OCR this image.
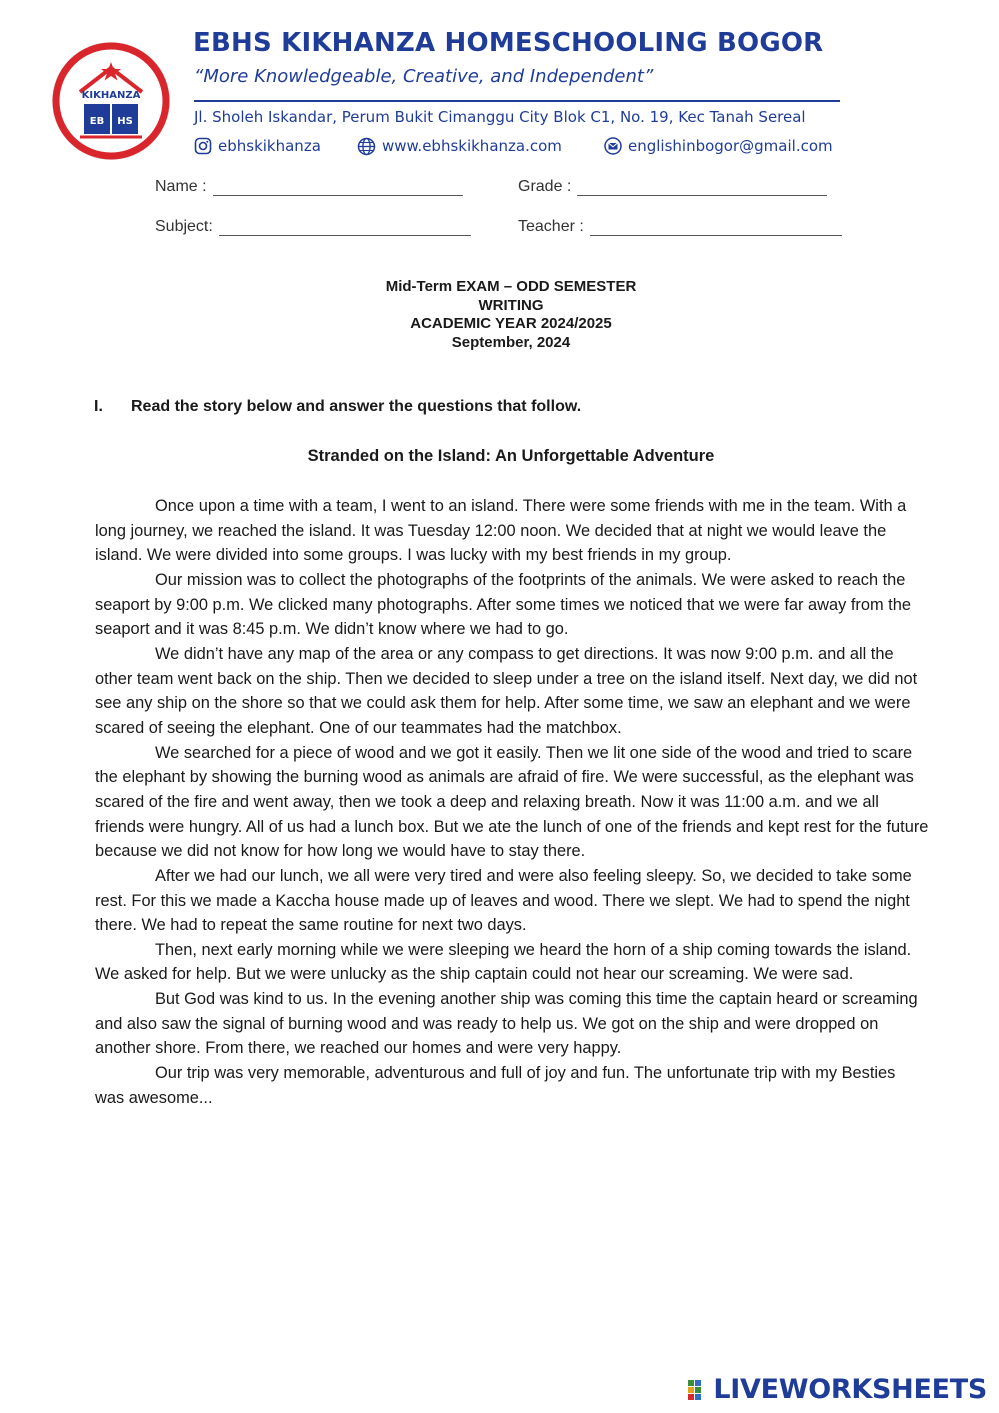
KIKHANZA
EB HS
EBHS KIKHANZA HOMESCHOOLING BOGOR
“More Knowledgeable, Creative, and Independent”
Jl. Sholeh Iskandar, Perum Bukit Cimanggu City Blok C1, No. 19, Kec Tanah Sereal
ebhskikhanza	www.ebhskikhanza.com	englishinbogor@gmail.com
Name :	Grade :
Subject:	Teacher :
Mid-Term EXAM – ODD SEMESTER
WRITING
ACADEMIC YEAR 2024/2025
September, 2024
I. Read the story below and answer the questions that follow.
Stranded on the Island: An Unforgettable Adventure

Once upon a time with a team, I went to an island. There were some friends with me in the team. With a long journey, we reached the island. It was Tuesday 12:00 noon. We decided that at night we would leave the island. We were divided into some groups. I was lucky with my best friends in my group.

Our mission was to collect the photographs of the footprints of the animals. We were asked to reach the seaport by 9:00 p.m. We clicked many photographs. After some times we noticed that we were far away from the seaport and it was 8:45 p.m. We didn’t know where we had to go.

We didn’t have any map of the area or any compass to get directions. It was now 9:00 p.m. and all the other team went back on the ship. Then we decided to sleep under a tree on the island itself. Next day, we did not see any ship on the shore so that we could ask them for help. After some time, we saw an elephant and we were scared of seeing the elephant. One of our teammates had the matchbox.

We searched for a piece of wood and we got it easily. Then we lit one side of the wood and tried to scare the elephant by showing the burning wood as animals are afraid of fire. We were successful, as the elephant was scared of the fire and went away, then we took a deep and relaxing breath. Now it was 11:00 a.m. and we all friends were hungry. All of us had a lunch box. But we ate the lunch of one of the friends and kept rest for the future because we did not know for how long we would have to stay there.

After we had our lunch, we all were very tired and were also feeling sleepy. So, we decided to take some rest. For this we made a Kaccha house made up of leaves and wood. There we slept. We had to spend the night there. We had to repeat the same routine for next two days.

Then, next early morning while we were sleeping we heard the horn of a ship coming towards the island. We asked for help. But we were unlucky as the ship captain could not hear our screaming. We were sad.

But God was kind to us. In the evening another ship was coming this time the captain heard or screaming and also saw the signal of burning wood and was ready to help us. We got on the ship and were dropped on another shore. From there, we reached our homes and were very happy.

Our trip was very memorable, adventurous and full of joy and fun. The unfortunate trip with my Besties was awesome...

LIVEWORKSHEETS
